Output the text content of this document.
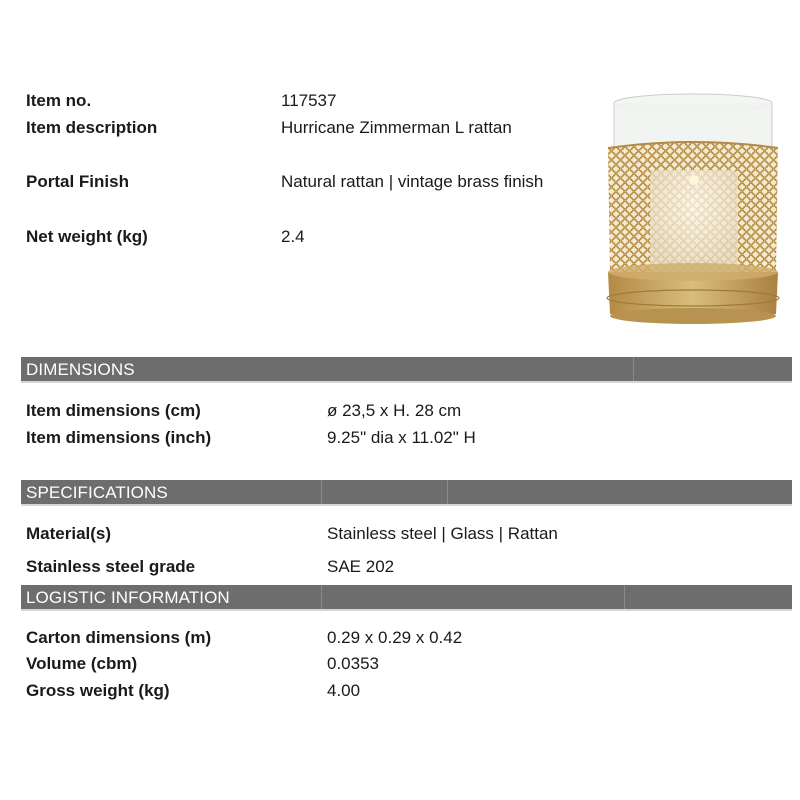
Item no.	117537
Item description	Hurricane Zimmerman L rattan
Portal Finish	Natural rattan | vintage brass finish
Net weight (kg)	2.4
DIMENSIONS
Item dimensions (cm)	ø 23,5 x H. 28 cm
Item dimensions (inch)	9.25" dia x 11.02" H
SPECIFICATIONS
Material(s)	Stainless steel | Glass | Rattan
Stainless steel grade	SAE 202
LOGISTIC INFORMATION
Carton dimensions (m)	0.29 x 0.29 x 0.42
Volume (cbm)	0.0353
Gross weight (kg)	4.00
